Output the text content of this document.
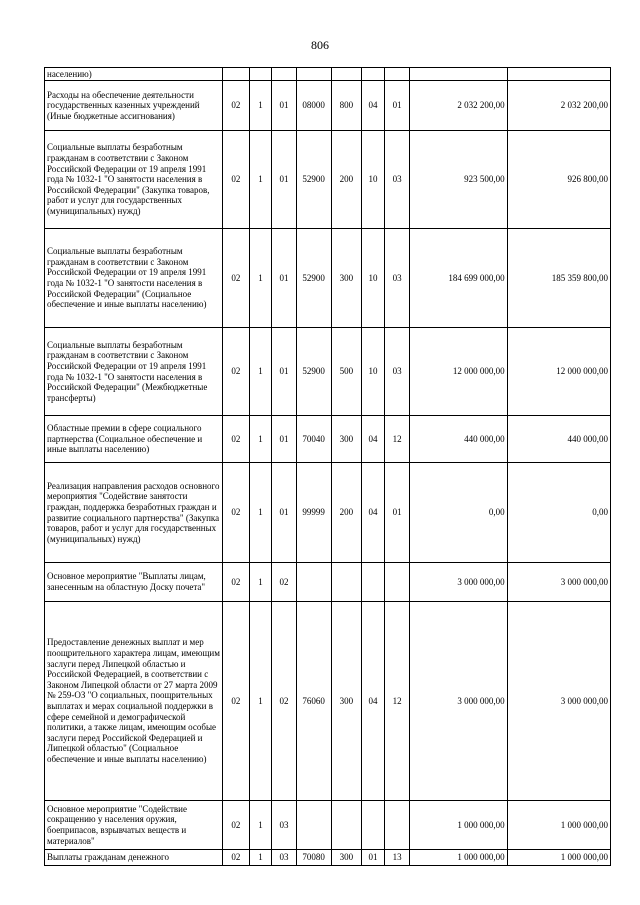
806
населению)									
Расходы на обеспечение деятельности государственных казенных учреждений (Иные бюджетные ассигнования)	02	1	01	08000	800	04	01	2 032 200,00	2 032 200,00
Социальные выплаты безработным гражданам в соответствии с Законом Российской Федерации от 19 апреля 1991 года № 1032-1 "О занятости населения в Российской Федерации" (Закупка товаров, работ и услуг для государственных (муниципальных) нужд)	02	1	01	52900	200	10	03	923 500,00	926 800,00
Социальные выплаты безработным гражданам в соответствии с Законом Российской Федерации от 19 апреля 1991 года № 1032-1 "О занятости населения в Российской Федерации" (Социальное обеспечение и иные выплаты населению)	02	1	01	52900	300	10	03	184 699 000,00	185 359 800,00
Социальные выплаты безработным гражданам в соответствии с Законом Российской Федерации от 19 апреля 1991 года № 1032-1 "О занятости населения в Российской Федерации" (Межбюджетные трансферты)	02	1	01	52900	500	10	03	12 000 000,00	12 000 000,00
Областные премии в сфере социального партнерства (Социальное обеспечение и иные выплаты населению)	02	1	01	70040	300	04	12	440 000,00	440 000,00
Реализация направления расходов основного мероприятия "Содействие занятости граждан, поддержка безработных граждан и развитие социального партнерства" (Закупка товаров, работ и услуг для государственных (муниципальных) нужд)	02	1	01	99999	200	04	01	0,00	0,00
Основное мероприятие "Выплаты лицам, занесенным на областную Доску почета"	02	1	02					3 000 000,00	3 000 000,00
Предоставление денежных выплат и мер поощрительного характера лицам, имеющим заслуги перед Липецкой областью и Российской Федерацией, в соответствии с Законом Липецкой области от 27 марта 2009 № 259-ОЗ "О социальных, поощрительных выплатах и мерах социальной поддержки в сфере семейной и демографической политики, а также лицам, имеющим особые заслуги перед Российской Федерацией и Липецкой областью" (Социальное обеспечение и иные выплаты населению)	02	1	02	76060	300	04	12	3 000 000,00	3 000 000,00
Основное мероприятие "Содействие сокращению у населения оружия, боеприпасов, взрывчатых веществ и материалов"	02	1	03					1 000 000,00	1 000 000,00
Выплаты гражданам денежного	02	1	03	70080	300	01	13	1 000 000,00	1 000 000,00
